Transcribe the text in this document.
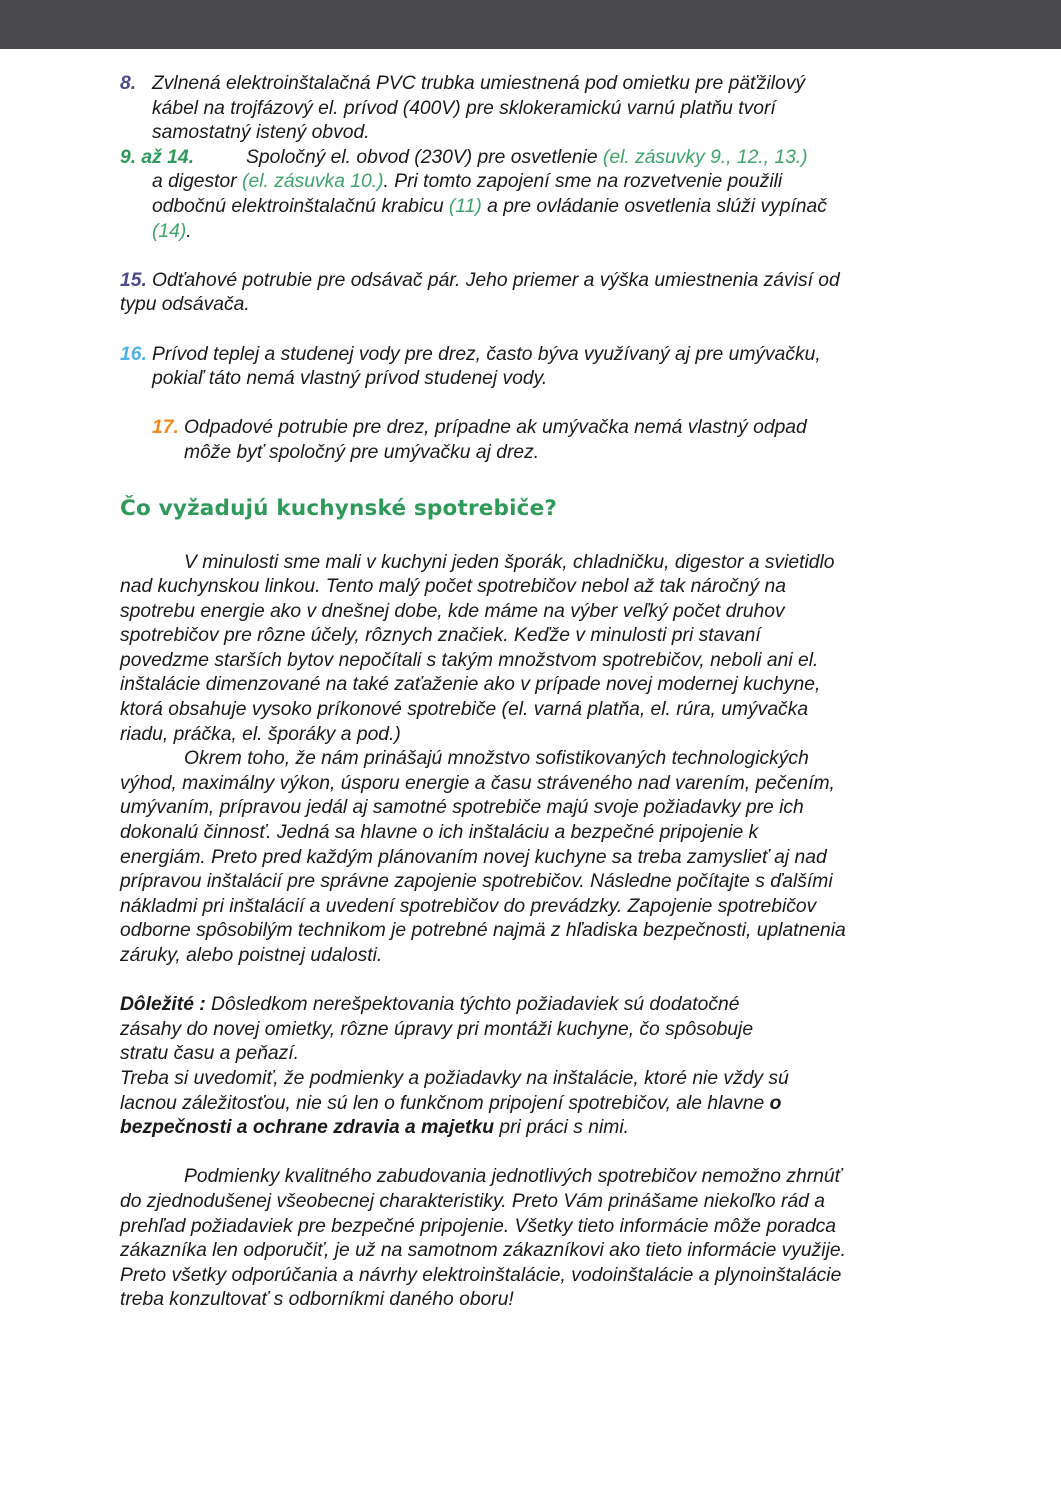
8. Zvlnená elektroinštalačná PVC trubka umiestnená pod omietku pre päťžilový
kábel na trojfázový el. prívod (400V) pre sklokeramickú varnú platňu tvorí
samostatný istený obvod.
9. až 14.	Spoločný el. obvod (230V) pre osvetlenie (el. zásuvky 9., 12., 13.)
a digestor (el. zásuvka 10.). Pri tomto zapojení sme na rozvetvenie použili
odbočnú elektroinštalačnú krabicu (11) a pre ovládanie osvetlenia slúži vypínač
(14).
15. Odťahové potrubie pre odsávač pár. Jeho priemer a výška umiestnenia závisí od
typu odsávača.
16. Prívod teplej a studenej vody pre drez, často býva využívaný aj pre umývačku,
pokiaľ táto nemá vlastný prívod studenej vody.
17. Odpadové potrubie pre drez, prípadne ak umývačka nemá vlastný odpad
môže byť spoločný pre umývačku aj drez.
Čo vyžadujú kuchynské spotrebiče?

V minulosti sme mali v kuchyni jeden šporák, chladničku, digestor a svietidlo
nad kuchynskou linkou. Tento malý počet spotrebičov nebol až tak náročný na
spotrebu energie ako v dnešnej dobe, kde máme na výber veľký počet druhov
spotrebičov pre rôzne účely, rôznych značiek. Keďže v minulosti pri stavaní
povedzme starších bytov nepočítali s takým množstvom spotrebičov, neboli ani el.
inštalácie dimenzované na také zaťaženie ako v prípade novej modernej kuchyne,
ktorá obsahuje vysoko príkonové spotrebiče (el. varná platňa, el. rúra, umývačka
riadu, práčka, el. šporáky a pod.)

Okrem toho, že nám prinášajú množstvo sofistikovaných technologických
výhod, maximálny výkon, úsporu energie a času stráveného nad varením, pečením,
umývaním, prípravou jedál aj samotné spotrebiče majú svoje požiadavky pre ich
dokonalú činnosť. Jedná sa hlavne o ich inštaláciu a bezpečné pripojenie k
energiám. Preto pred každým plánovaním novej kuchyne sa treba zamyslieť aj nad
prípravou inštalácií pre správne zapojenie spotrebičov. Následne počítajte s ďalšími
nákladmi pri inštalácií a uvedení spotrebičov do prevádzky. Zapojenie spotrebičov
odborne spôsobilým technikom je potrebné najmä z hľadiska bezpečnosti, uplatnenia
záruky, alebo poistnej udalosti.

Dôležité : Dôsledkom nerešpektovania týchto požiadaviek sú dodatočné
zásahy do novej omietky, rôzne úpravy pri montáži kuchyne, čo spôsobuje
stratu času a peňazí.
Treba si uvedomiť, že podmienky a požiadavky na inštalácie, ktoré nie vždy sú
lacnou záležitosťou, nie sú len o funkčnom pripojení spotrebičov, ale hlavne o
bezpečnosti a ochrane zdravia a majetku pri práci s nimi.

Podmienky kvalitného zabudovania jednotlivých spotrebičov nemožno zhrnúť
do zjednodušenej všeobecnej charakteristiky. Preto Vám prinášame niekoľko rád a
prehľad požiadaviek pre bezpečné pripojenie. Všetky tieto informácie môže poradca
zákazníka len odporučiť, je už na samotnom zákazníkovi ako tieto informácie využije.
Preto všetky odporúčania a návrhy elektroinštalácie, vodoinštalácie a plynoinštalácie
treba konzultovať s odborníkmi daného oboru!
